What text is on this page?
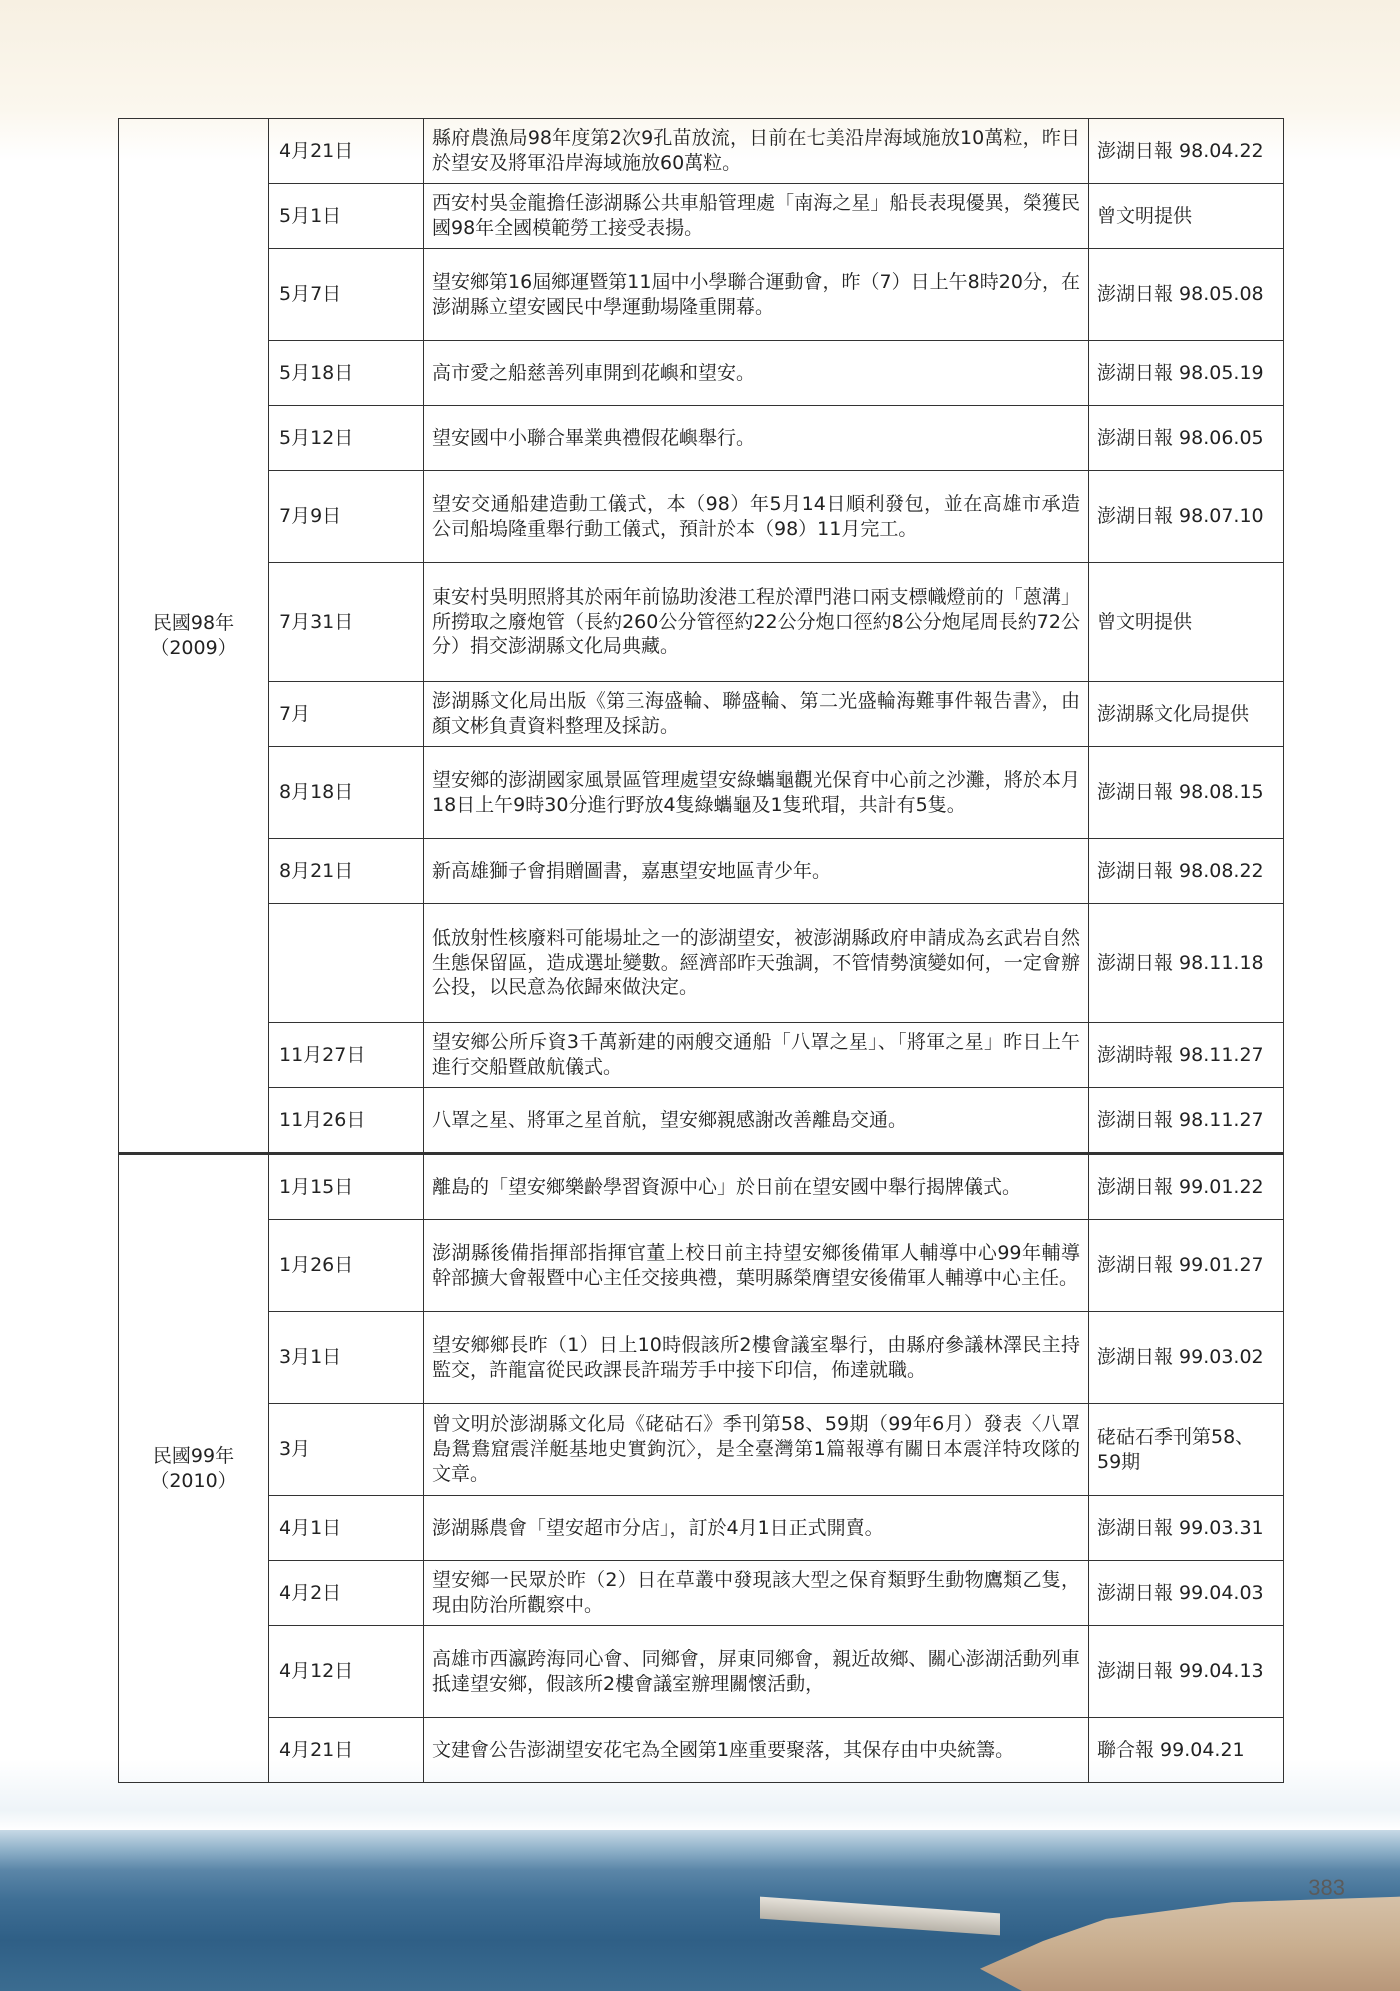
民國98年
（2009）	4月21日	縣府農漁局98年度第2次9孔苗放流，日前在七美沿岸海域施放10萬粒，昨日於望安及將軍沿岸海域施放60萬粒。	澎湖日報 98.04.22
	5月1日	西安村吳金龍擔任澎湖縣公共車船管理處「南海之星」船長表現優異，榮獲民國98年全國模範勞工接受表揚。	曾文明提供
	5月7日	望安鄉第16屆鄉運暨第11屆中小學聯合運動會，昨（7）日上午8時20分，在澎湖縣立望安國民中學運動場隆重開幕。	澎湖日報 98.05.08
	5月18日	高市愛之船慈善列車開到花嶼和望安。	澎湖日報 98.05.19
	5月12日	望安國中小聯合畢業典禮假花嶼舉行。	澎湖日報 98.06.05
	7月9日	望安交通船建造動工儀式，本（98）年5月14日順利發包，並在高雄市承造公司船塢隆重舉行動工儀式，預計於本（98）11月完工。	澎湖日報 98.07.10
	7月31日	東安村吳明照將其於兩年前協助浚港工程於潭門港口兩支標幟燈前的「蒽溝」所撈取之廢炮管（長約260公分管徑約22公分炮口徑約8公分炮尾周長約72公分）捐交澎湖縣文化局典藏。	曾文明提供
	7月	澎湖縣文化局出版《第三海盛輪、聯盛輪、第二光盛輪海難事件報告書》，由顏文彬負責資料整理及採訪。	澎湖縣文化局提供
	8月18日	望安鄉的澎湖國家風景區管理處望安綠蠵龜觀光保育中心前之沙灘，將於本月18日上午9時30分進行野放4隻綠蠵龜及1隻玳瑁，共計有5隻。	澎湖日報 98.08.15
	8月21日	新高雄獅子會捐贈圖書，嘉惠望安地區青少年。	澎湖日報 98.08.22
		低放射性核廢料可能場址之一的澎湖望安，被澎湖縣政府申請成為玄武岩自然生態保留區，造成選址變數。經濟部昨天強調，不管情勢演變如何，一定會辦公投，以民意為依歸來做決定。	澎湖日報 98.11.18
	11月27日	望安鄉公所斥資3千萬新建的兩艘交通船「八罩之星」、「將軍之星」昨日上午進行交船暨啟航儀式。	澎湖時報 98.11.27
	11月26日	八罩之星、將軍之星首航，望安鄉親感謝改善離島交通。	澎湖日報 98.11.27
民國99年
（2010）	1月15日	離島的「望安鄉樂齡學習資源中心」於日前在望安國中舉行揭牌儀式。	澎湖日報 99.01.22
	1月26日	澎湖縣後備指揮部指揮官董上校日前主持望安鄉後備軍人輔導中心99年輔導幹部擴大會報暨中心主任交接典禮，葉明縣榮膺望安後備軍人輔導中心主任。	澎湖日報 99.01.27
	3月1日	望安鄉鄉長昨（1）日上10時假該所2樓會議室舉行，由縣府參議林澤民主持監交，許龍富從民政課長許瑞芳手中接下印信，佈達就職。	澎湖日報 99.03.02
	3月	曾文明於澎湖縣文化局《硓𥑮石》季刊第58、59期（99年6月）發表〈八罩島鴛鴦窟震洋艇基地史實鉤沉〉，是全臺灣第1篇報導有關日本震洋特攻隊的文章。	硓𥑮石季刊第58、59期
	4月1日	澎湖縣農會「望安超市分店」，訂於4月1日正式開賣。	澎湖日報 99.03.31
	4月2日	望安鄉一民眾於昨（2）日在草叢中發現該大型之保育類野生動物鷹類乙隻，現由防治所觀察中。	澎湖日報 99.04.03
	4月12日	高雄市西瀛跨海同心會、同鄉會，屏東同鄉會，親近故鄉、關心澎湖活動列車抵達望安鄉，假該所2樓會議室辦理關懷活動，	澎湖日報 99.04.13
	4月21日	文建會公告澎湖望安花宅為全國第1座重要聚落，其保存由中央統籌。	聯合報 99.04.21
383
